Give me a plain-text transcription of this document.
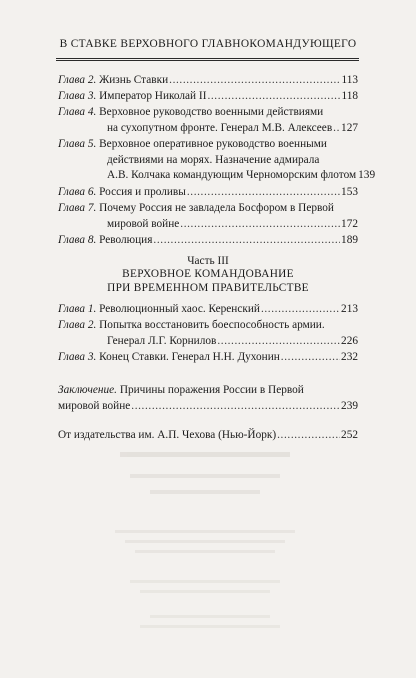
В СТАВКЕ ВЕРХОВНОГО ГЛАВНОКОМАНДУЮЩЕГО
Глава 2. Жизнь Ставки .....	113
Глава 3. Император Николай II .....	118
Глава 4. Верховное руководство военными действиями
на сухопутном фронте. Генерал М.В. Алексеев ..... 127
Глава 5. Верховное оперативное руководство военными
действиями на морях. Назначение адмирала
А.В. Колчака командующим Черноморским флотом 139
Глава 6. Россия и проливы .....	153
Глава 7. Почему Россия не завладела Босфором в Первой
мировой войне .....	172
Глава 8. Революция .....	189
Часть III
ВЕРХОВНОЕ КОМАНДОВАНИЕ
ПРИ ВРЕМЕННОМ ПРАВИТЕЛЬСТВЕ
Глава 1. Революционный хаос. Керенский .....	213
Глава 2. Попытка восстановить боеспособность армии.
Генерал Л.Г. Корнилов .....	226
Глава 3. Конец Ставки. Генерал Н.Н. Духонин .....	232
Заключение. Причины поражения России в Первой
мировой войне .....	239
От издательства им. А.П. Чехова (Нью-Йорк) .....	252
